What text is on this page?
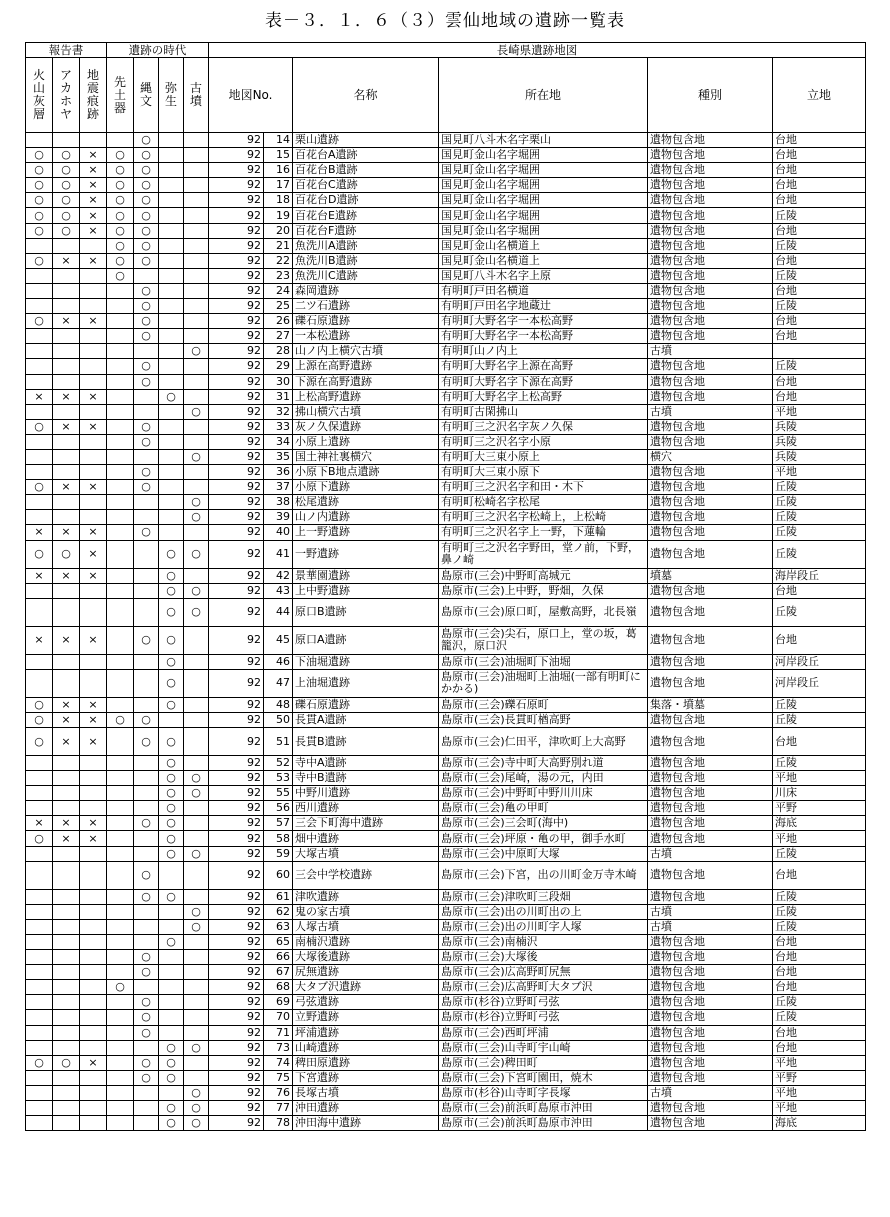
表－３．１．６（３）雲仙地域の遺跡一覧表
報告書			遺跡の時代				長崎県遺跡地図					
火山灰層	アカホヤ	地震痕跡	先土器	縄文	弥生	古墳	地図No.		名称	所在地	種別	立地
				○			92	14	栗山遺跡	国見町八斗木名字栗山	遺物包含地	台地
○	○	×	○	○			92	15	百花台A遺跡	国見町金山名字堀囲	遺物包含地	台地
○	○	×	○	○			92	16	百花台B遺跡	国見町金山名字堀囲	遺物包含地	台地
○	○	×	○	○			92	17	百花台C遺跡	国見町金山名字堀囲	遺物包含地	台地
○	○	×	○	○			92	18	百花台D遺跡	国見町金山名字堀囲	遺物包含地	台地
○	○	×	○	○			92	19	百花台E遺跡	国見町金山名字堀囲	遺物包含地	丘陵
○	○	×	○	○			92	20	百花台F遺跡	国見町金山名字堀囲	遺物包含地	台地
			○	○			92	21	魚洗川A遺跡	国見町金山名横道上	遺物包含地	丘陵
○	×	×	○	○			92	22	魚洗川B遺跡	国見町金山名横道上	遺物包含地	台地
			○				92	23	魚洗川C遺跡	国見町八斗木名字上原	遺物包含地	丘陵
				○			92	24	森岡遺跡	有明町戸田名横道	遺物包含地	台地
				○			92	25	二ツ石遺跡	有明町戸田名字地蔵辻	遺物包含地	丘陵
○	×	×		○			92	26	礫石原遺跡	有明町大野名字一本松高野	遺物包含地	台地
				○			92	27	一本松遺跡	有明町大野名字一本松高野	遺物包含地	台地
						○	92	28	山ノ内上横穴古墳	有明町山ノ内上	古墳	
				○			92	29	上源在高野遺跡	有明町大野名字上源在高野	遺物包含地	丘陵
				○			92	30	下源在高野遺跡	有明町大野名字下源在高野	遺物包含地	台地
×	×	×			○		92	31	上松高野遺跡	有明町大野名字上松高野	遺物包含地	台地
						○	92	32	拂山横穴古墳	有明町古閑拂山	古墳	平地
○	×	×		○			92	33	灰ノ久保遺跡	有明町三之沢名字灰ノ久保	遺物包含地	兵陵
				○			92	34	小原上遺跡	有明町三之沢名字小原	遺物包含地	兵陵
						○	92	35	国土神社裏横穴	有明町大三東小原上	横穴	兵陵
				○			92	36	小原下B地点遺跡	有明町大三東小原下	遺物包含地	平地
○	×	×		○			92	37	小原下遺跡	有明町三之沢名字和田・木下	遺物包含地	丘陵
						○	92	38	松尾遺跡	有明町松崎名字松尾	遺物包含地	丘陵
						○	92	39	山ノ内遺跡	有明町三之沢名字松崎上，上松崎	遺物包含地	丘陵
×	×	×		○			92	40	上一野遺跡	有明町三之沢名字上一野，下蓮輪	遺物包含地	丘陵
○	○	×			○	○	92	41	一野遺跡	有明町三之沢名字野田，堂ノ前，下野，鼻ノ崎	遺物包含地	丘陵
×	×	×			○		92	42	景華園遺跡	島原市(三会)中野町高城元	墳墓	海岸段丘
					○	○	92	43	上中野遺跡	島原市(三会)上中野，野畑，久保	遺物包含地	台地
					○	○	92	44	原口B遺跡	島原市(三会)原口町，屋敷高野，北長嶺	遺物包含地	丘陵
×	×	×		○	○		92	45	原口A遺跡	島原市(三会)尖石，原口上，堂の坂，葛籠沢，原口沢	遺物包含地	台地
					○		92	46	下油堀遺跡	島原市(三会)油堀町下油堀	遺物包含地	河岸段丘
					○		92	47	上油堀遺跡	島原市(三会)油堀町上油堀(一部有明町にかかる)	遺物包含地	河岸段丘
○	×	×			○		92	48	礫石原遺跡	島原市(三会)礫石原町	集落・墳墓	丘陵
○	×	×	○	○			92	50	長貫A遺跡	島原市(三会)長貫町楢高野	遺物包含地	丘陵
○	×	×		○	○		92	51	長貫B遺跡	島原市(三会)仁田平，津吹町上大高野	遺物包含地	台地
					○		92	52	寺中A遺跡	島原市(三会)寺中町大高野別れ道	遺物包含地	丘陵
					○	○	92	53	寺中B遺跡	島原市(三会)尾崎，湯の元，内田	遺物包含地	平地
					○	○	92	55	中野川遺跡	島原市(三会)中野町中野川川床	遺物包含地	川床
					○		92	56	西川遺跡	島原市(三会)亀の甲町	遺物包含地	平野
×	×	×		○	○		92	57	三会下町海中遺跡	島原市(三会)三会町(海中)	遺物包含地	海底
○	×	×			○		92	58	畑中遺跡	島原市(三会)坪原・亀の甲，御手水町	遺物包含地	平地
					○	○	92	59	大塚古墳	島原市(三会)中原町大塚	古墳	丘陵
				○			92	60	三会中学校遺跡	島原市(三会)下宮，出の川町金万寺木崎	遺物包含地	台地
				○	○		92	61	津吹遺跡	島原市(三会)津吹町三段畑	遺物包含地	丘陵
						○	92	62	鬼の家古墳	島原市(三会)出の川町出の上	古墳	丘陵
						○	92	63	人塚古墳	島原市(三会)出の川町字人塚	古墳	丘陵
					○		92	65	南楠沢遺跡	島原市(三会)南楠沢	遺物包含地	台地
				○			92	66	大塚後遺跡	島原市(三会)大塚後	遺物包含地	台地
				○			92	67	尻無遺跡	島原市(三会)広高野町尻無	遺物包含地	台地
			○				92	68	大タブ沢遺跡	島原市(三会)広高野町大タブ沢	遺物包含地	台地
				○			92	69	弓弦遺跡	島原市(杉谷)立野町弓弦	遺物包含地	丘陵
				○			92	70	立野遺跡	島原市(杉谷)立野町弓弦	遺物包含地	丘陵
				○			92	71	坪浦遺跡	島原市(三会)西町坪浦	遺物包含地	台地
					○	○	92	73	山崎遺跡	島原市(三会)山寺町宇山崎	遺物包含地	台地
○	○	×		○	○		92	74	稗田原遺跡	島原市(三会)稗田町	遺物包含地	平地
				○	○		92	75	下宮遺跡	島原市(三会)下宮町園田，焼木	遺物包含地	平野
						○	92	76	長塚古墳	島原市(杉谷)山寺町字長塚	古墳	平地
					○	○	92	77	沖田遺跡	島原市(三会)前浜町島原市沖田	遺物包含地	平地
					○	○	92	78	沖田海中遺跡	島原市(三会)前浜町島原市沖田	遺物包含地	海底
